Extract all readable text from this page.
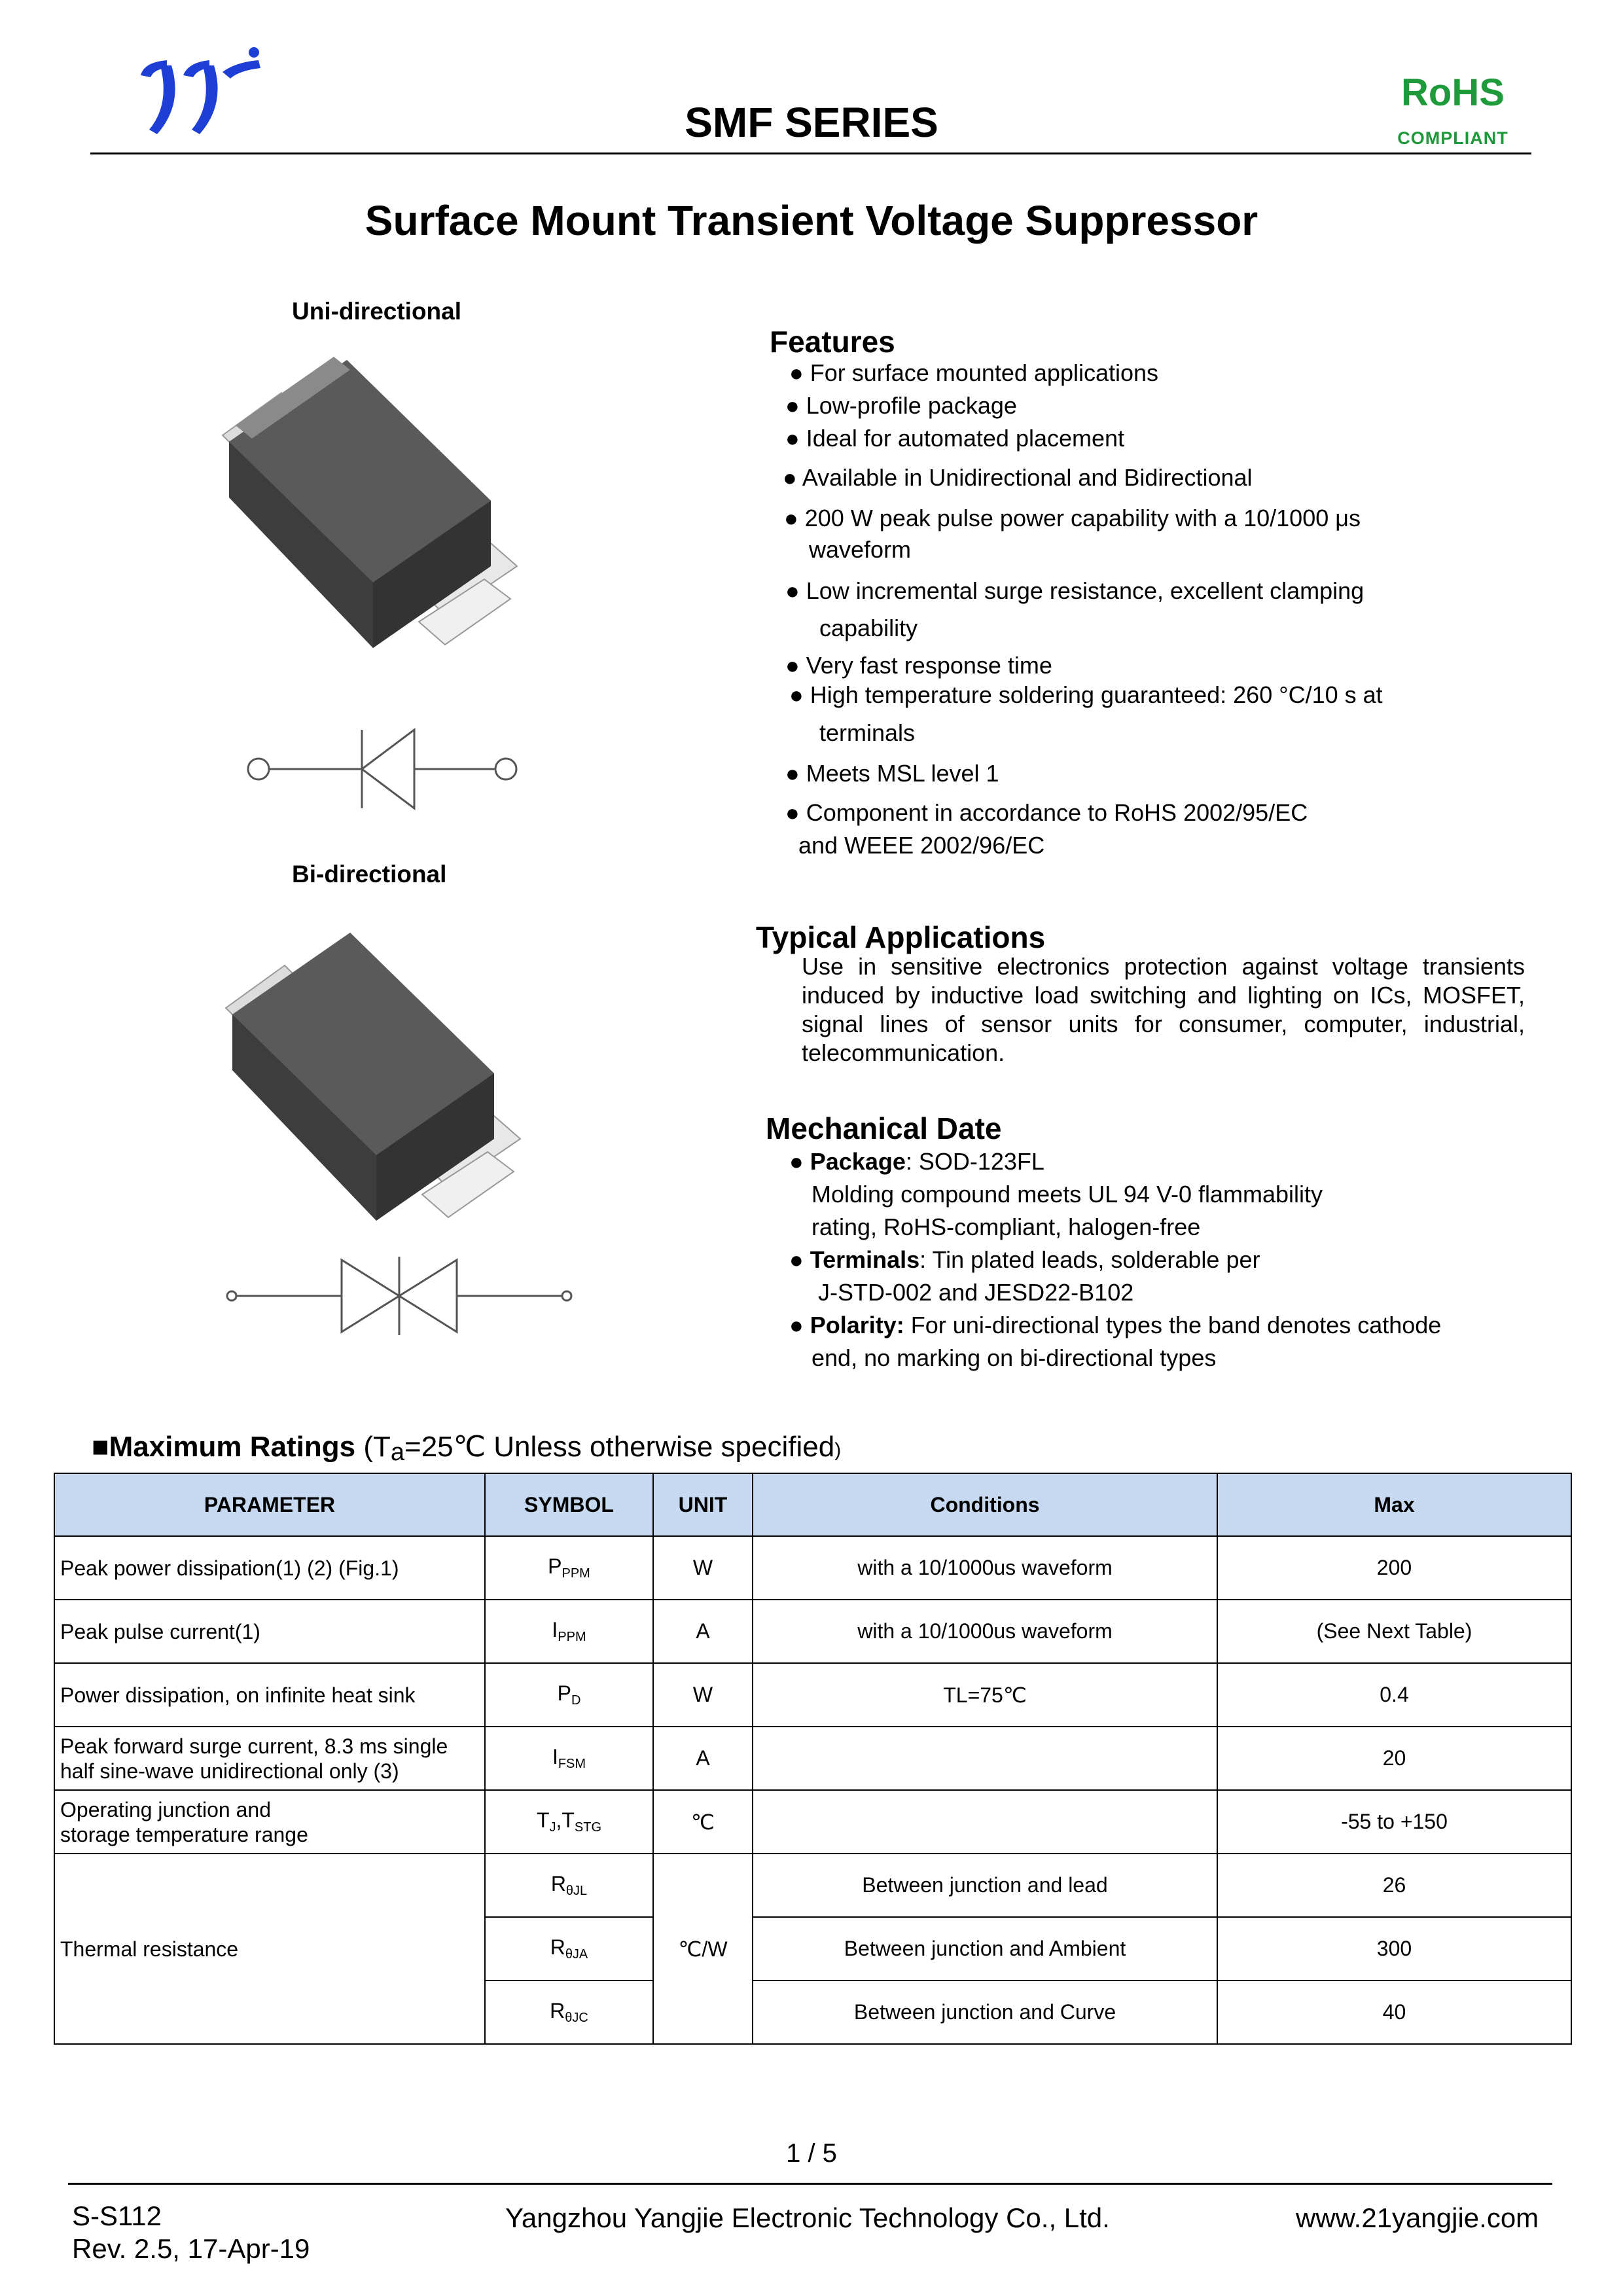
SMF SERIES
RoHS
COMPLIANT
Surface Mount Transient Voltage Suppressor
Uni-directional
Bi-directional
Features
● For surface mounted applications
● Low-profile package
● Ideal for automated placement
● Available in Unidirectional and Bidirectional
● 200 W peak pulse power capability with a 10/1000 μs
waveform
● Low incremental surge resistance, excellent clamping
capability
● Very fast response time
● High temperature soldering guaranteed: 260 °C/10 s at
terminals
● Meets MSL level 1
● Component in accordance to RoHS 2002/95/EC
and WEEE 2002/96/EC
Typical Applications
Use in sensitive electronics protection against voltage transients induced by inductive load switching and lighting on ICs, MOSFET, signal lines of sensor units for consumer, computer, industrial, telecommunication.
Mechanical Date
● Package: SOD-123FL
Molding compound meets UL 94 V-0 flammability
rating, RoHS-compliant, halogen-free
● Terminals: Tin plated leads, solderable per
J-STD-002 and JESD22-B102
● Polarity: For uni-directional types the band denotes cathode
end, no marking on bi-directional types
■Maximum Ratings (Ta=25℃ Unless otherwise specified)
PARAMETER	SYMBOL	UNIT	Conditions	Max
Peak power dissipation(1) (2) (Fig.1)	$P_{PPM}$	W	with a 10/1000us waveform	200
Peak pulse current(1)	$I_{PPM}$	A	with a 10/1000us waveform	(See Next Table)
Power dissipation, on infinite heat sink	$P_D$	W	TL=75℃	0.4
Peak forward surge current, 8.3 ms single
half sine-wave unidirectional only (3)	$I_{FSM}$	A		20
Operating junction and
storage temperature range	$T_J,T_{STG}$	℃		-55 to +150
Thermal resistance	$R_{\theta JL}$	℃/W	Between junction and lead	26
	$R_{\theta JA}$		Between junction and Ambient	300
	$R_{\theta JC}$		Between junction and Curve	40
1 / 5
S-S112
Rev. 2.5, 17-Apr-19
Yangzhou Yangjie Electronic Technology Co., Ltd.	www.21yangjie.com
